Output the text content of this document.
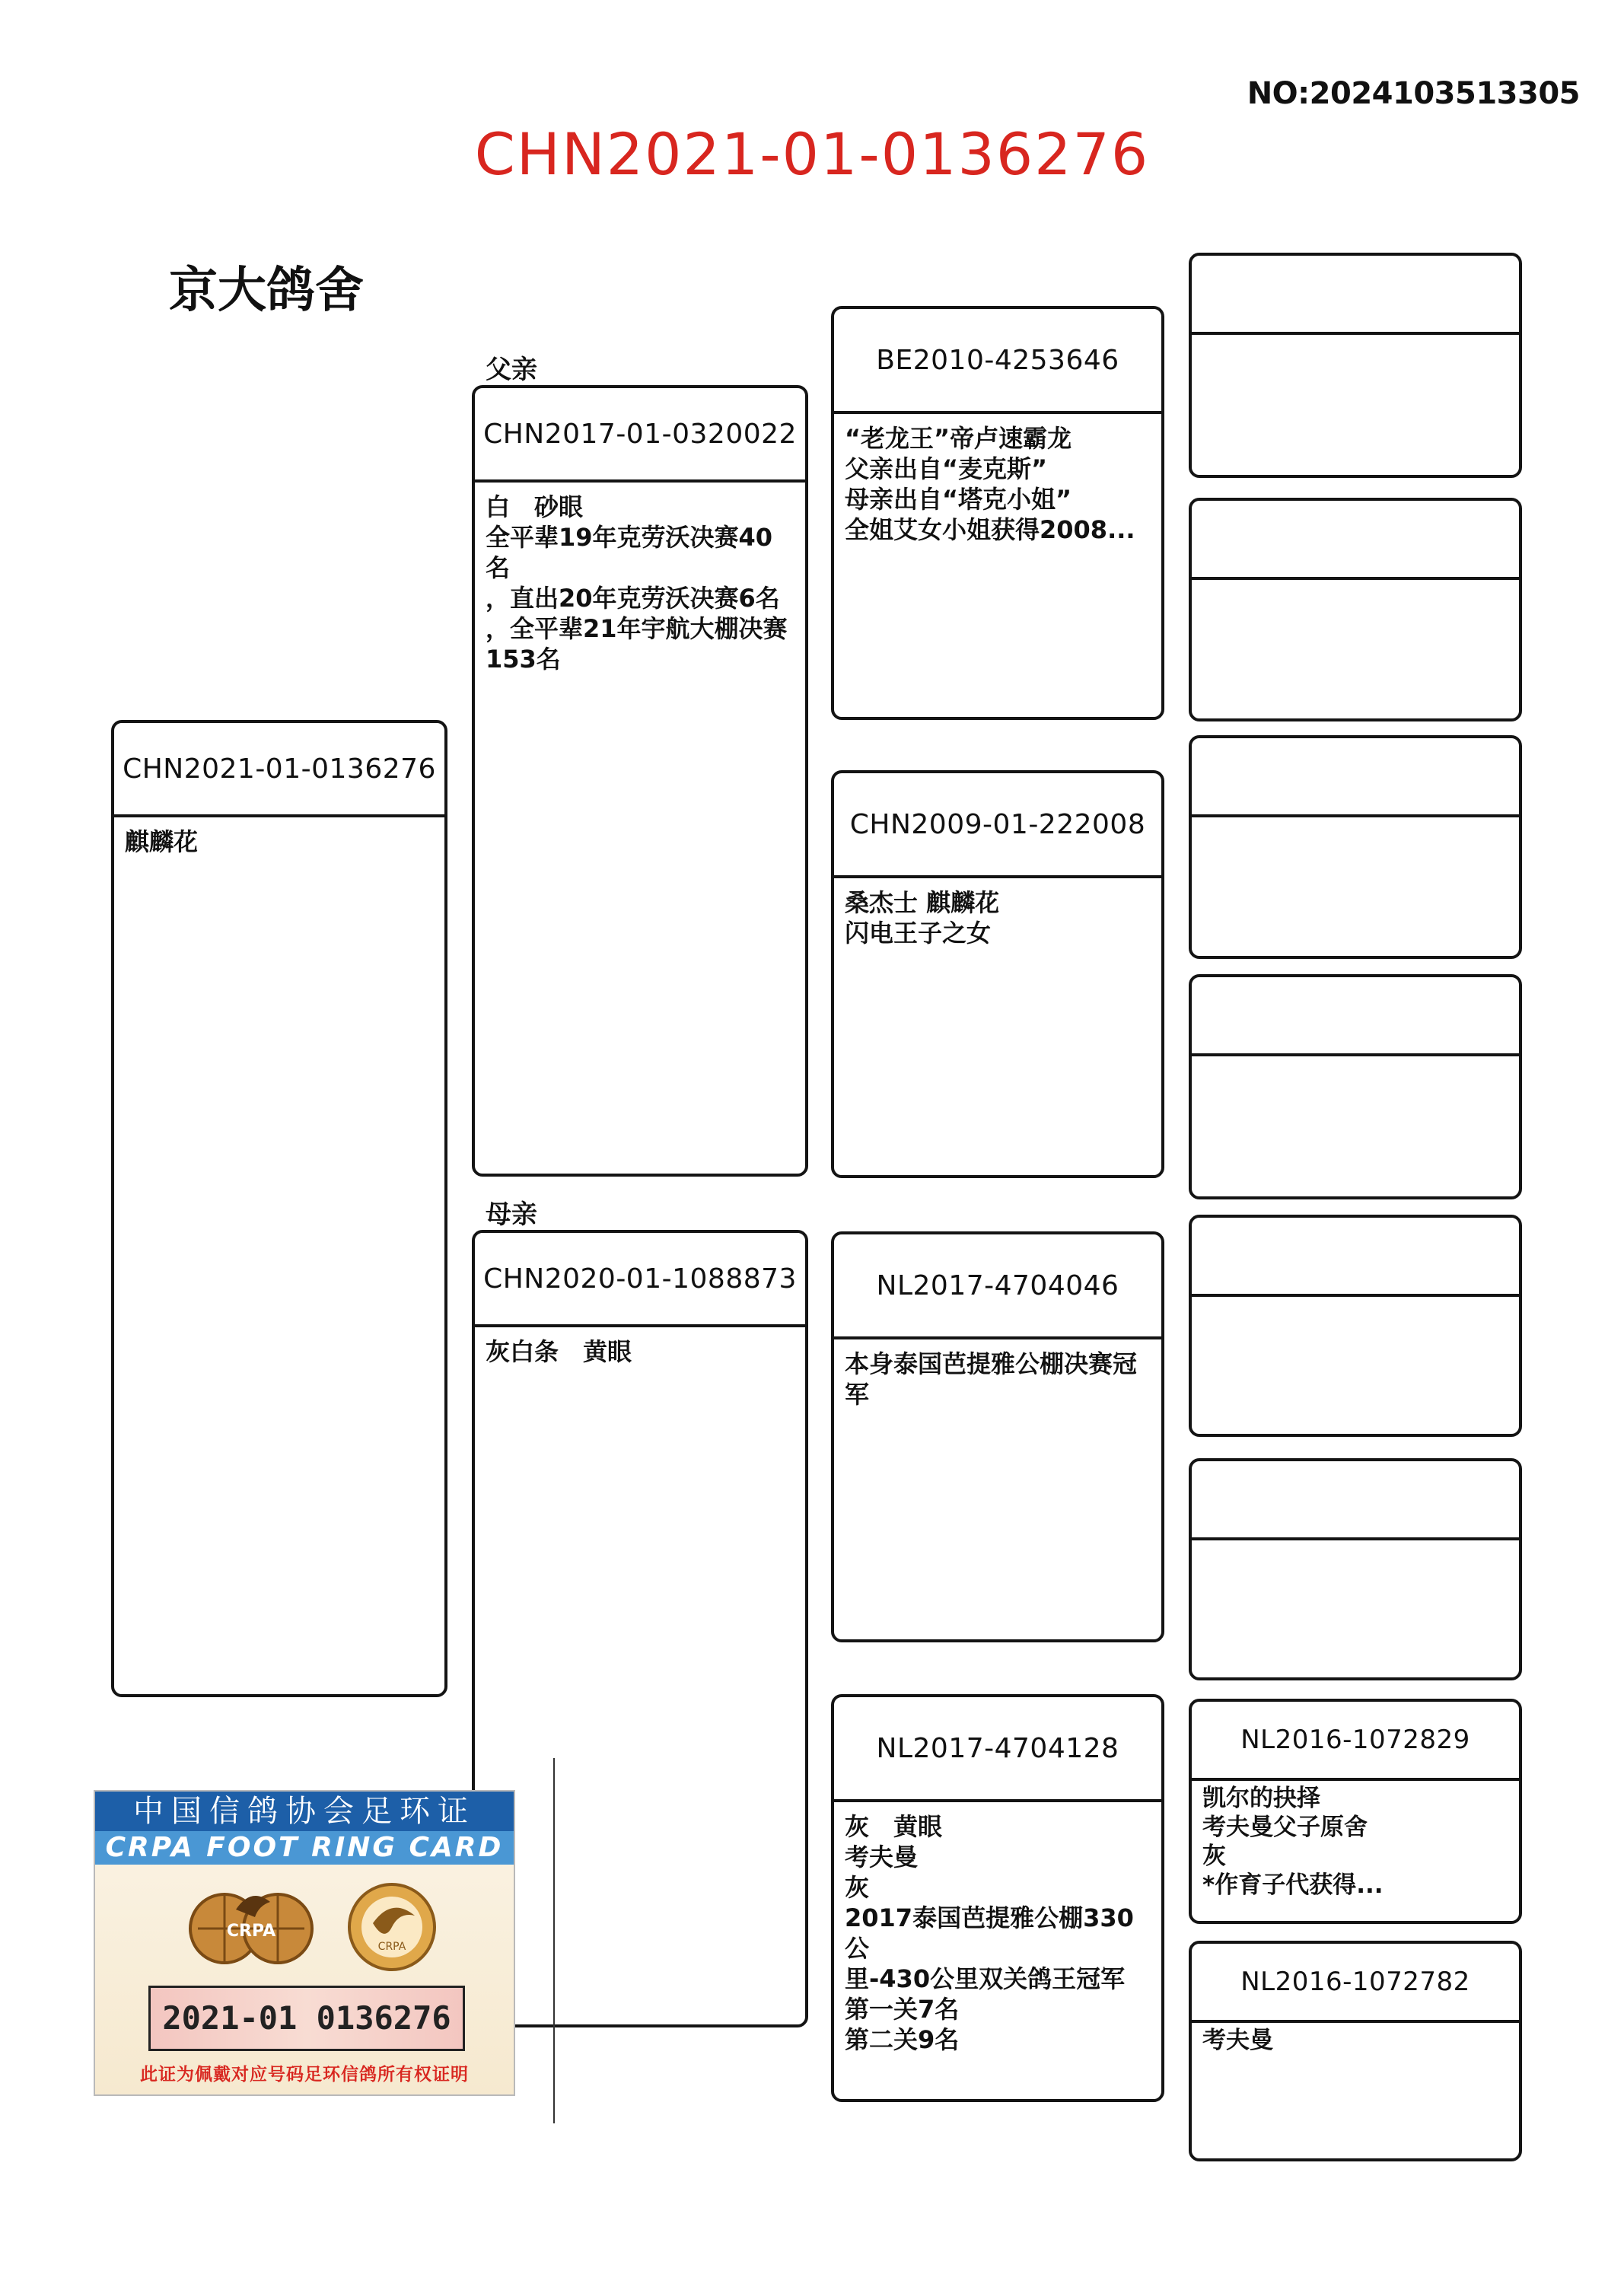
NO:2024103513305
CHN2021-01-0136276
京大鸽舍
CHN2021-01-0136276
麒麟花
父亲
CHN2017-01-0320022
白　砂眼
全平辈19年克劳沃决赛40名
，直出20年克劳沃决赛6名
，全平辈21年宇航大棚决赛
153名
母亲
CHN2020-01-1088873
灰白条　黄眼
BE2010-4253646
“老龙王”帝卢速霸龙
父亲出自“麦克斯”
母亲出自“塔克小姐”
全姐艾女小姐获得2008...
CHN2009-01-222008
桑杰士 麒麟花
闪电王子之女
NL2017-4704046
本身泰国芭提雅公棚决赛冠
军
NL2017-4704128
灰　黄眼
考夫曼
灰
2017泰国芭提雅公棚330公
里-430公里双关鸽王冠军
第一关7名
第二关9名
NL2016-1072829
凯尔的抉择
考夫曼父子原舍
灰
*作育子代获得...
NL2016-1072782
考夫曼
中国信鸽协会足环证
CRPA FOOT RING CARD
CRPA
CRPA
2021-01 0136276
此证为佩戴对应号码足环信鸽所有权证明
